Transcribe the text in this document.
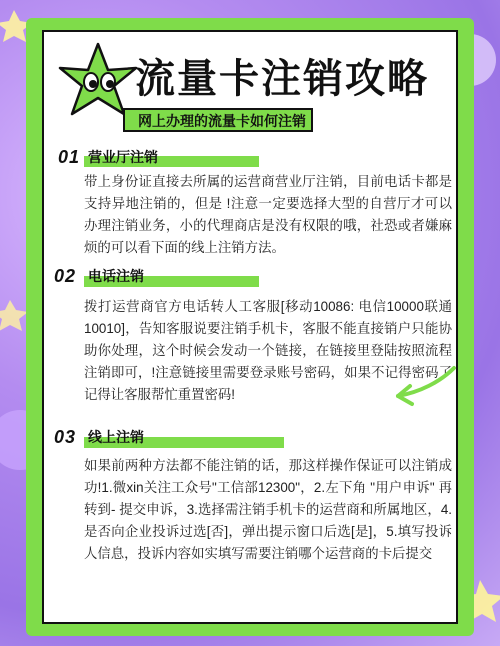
流量卡注销攻略
网上办理的流量卡如何注销
01 营业厅注销
带上身份证直接去所属的运营商营业厅注销，目前电话卡都是支持异地注销的，但是 !注意一定要选择大型的自营厅才可以办理注销业务，小的代理商店是没有权限的哦，社恐或者嫌麻烦的可以看下面的线上注销方法。
02 电话注销
拨打运营商官方电话转人工客服[移动10086: 电信10000联通10010]，告知客服说要注销手机卡，客服不能直接销户只能协助你处理，这个时候会发动一个链接，在链接里登陆按照流程注销即可，!注意链接里需要登录账号密码，如果不记得密码了记得让客服帮忙重置密码!
03 线上注销
如果前两种方法都不能注销的话，那这样操作保证可以注销成功!1.微xin关注工众号"工信部12300"，2.左下角 "用户申诉" 再转到- 提交申诉，3.选择需注销手机卡的运营商和所属地区，4.是否向企业投诉过选[否]，弹出提示窗口后选[是]，5.填写投诉人信息，投诉内容如实填写需要注销哪个运营商的卡后提交
